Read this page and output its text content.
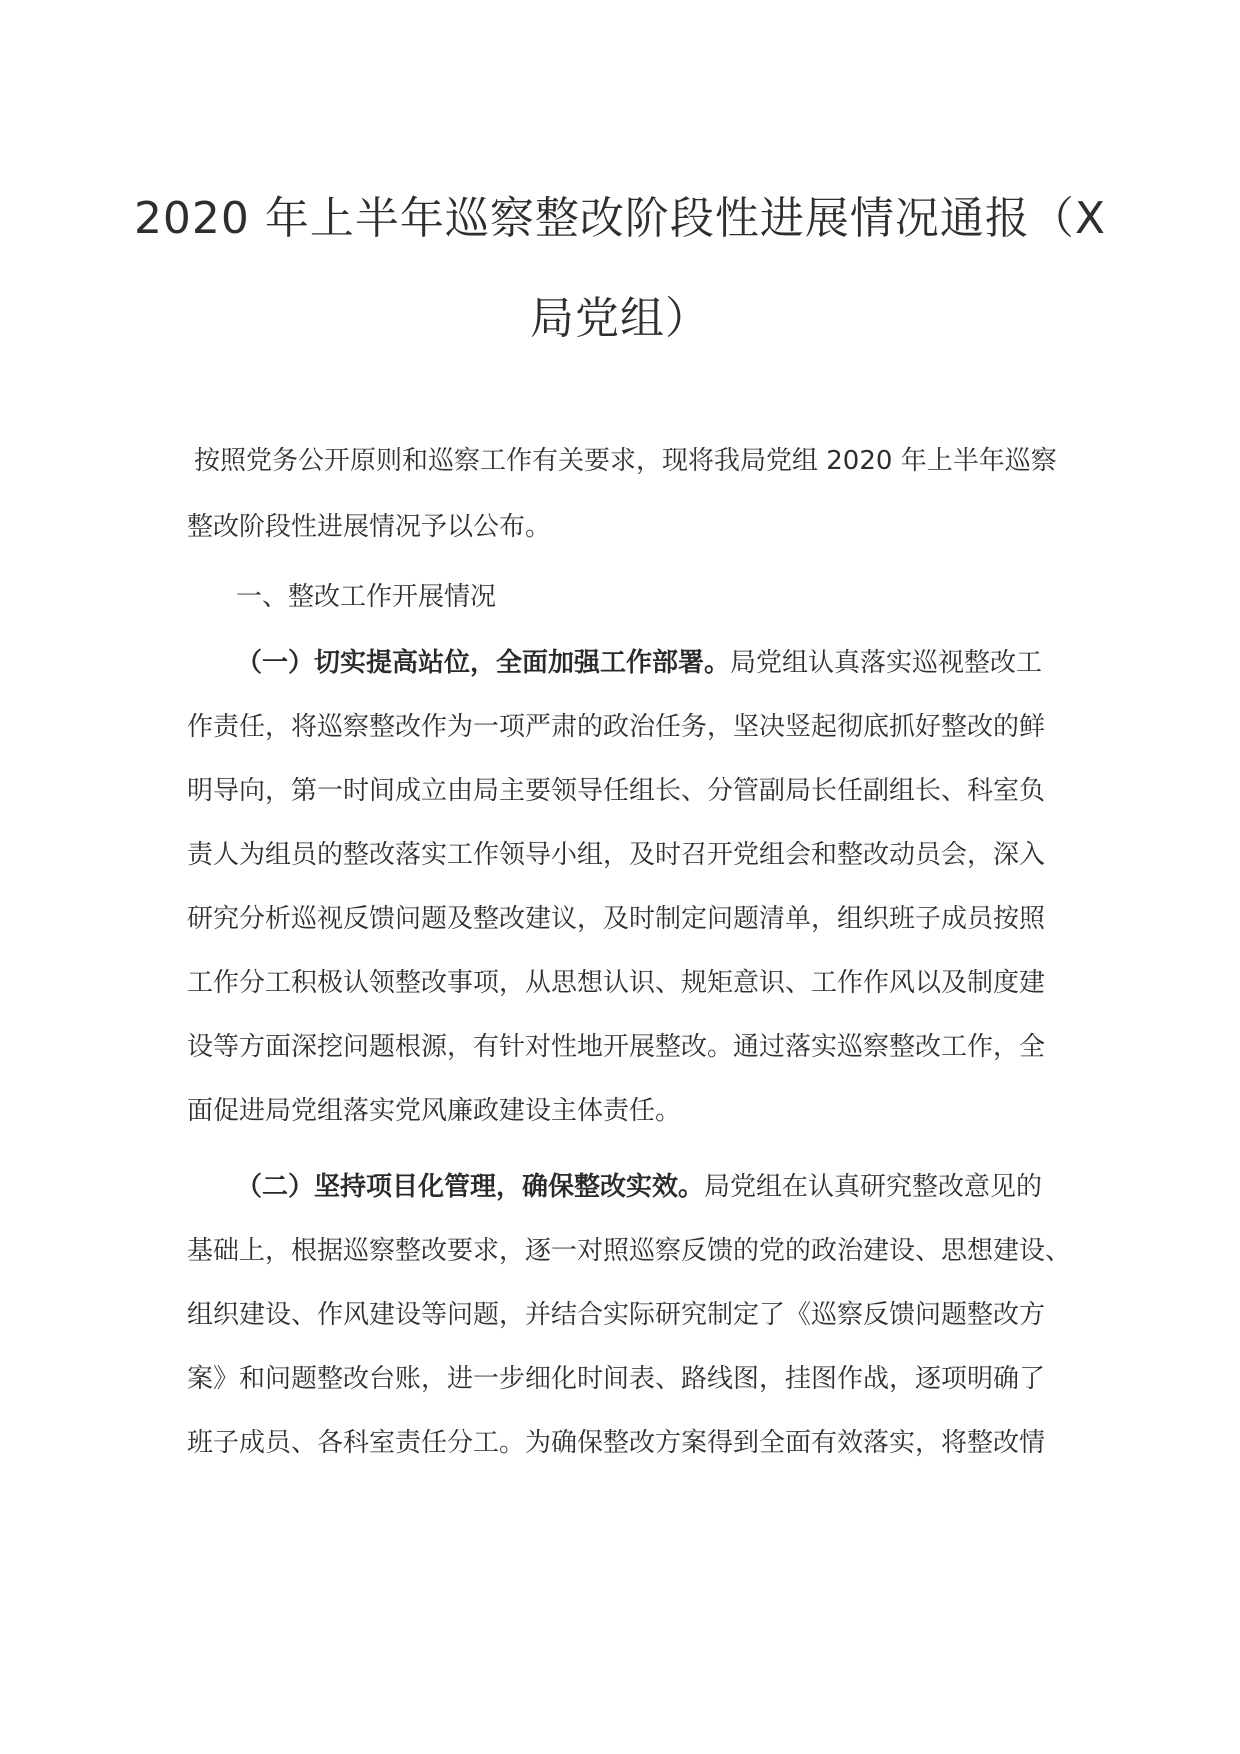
2020 年上半年巡察整改阶段性进展情况通报（X
局党组）
按照党务公开原则和巡察工作有关要求，现将我局党组 2020 年上半年巡察
整改阶段性进展情况予以公布。
一、整改工作开展情况
（一）切实提高站位，全面加强工作部署。局党组认真落实巡视整改工
作责任，将巡察整改作为一项严肃的政治任务，坚决竖起彻底抓好整改的鲜
明导向，第一时间成立由局主要领导任组长、分管副局长任副组长、科室负
责人为组员的整改落实工作领导小组，及时召开党组会和整改动员会，深入
研究分析巡视反馈问题及整改建议，及时制定问题清单，组织班子成员按照
工作分工积极认领整改事项，从思想认识、规矩意识、工作作风以及制度建
设等方面深挖问题根源，有针对性地开展整改。通过落实巡察整改工作，全
面促进局党组落实党风廉政建设主体责任。
（二）坚持项目化管理，确保整改实效。局党组在认真研究整改意见的
基础上，根据巡察整改要求，逐一对照巡察反馈的党的政治建设、思想建设、
组织建设、作风建设等问题，并结合实际研究制定了《巡察反馈问题整改方
案》和问题整改台账，进一步细化时间表、路线图，挂图作战，逐项明确了
班子成员、各科室责任分工。为确保整改方案得到全面有效落实，将整改情
